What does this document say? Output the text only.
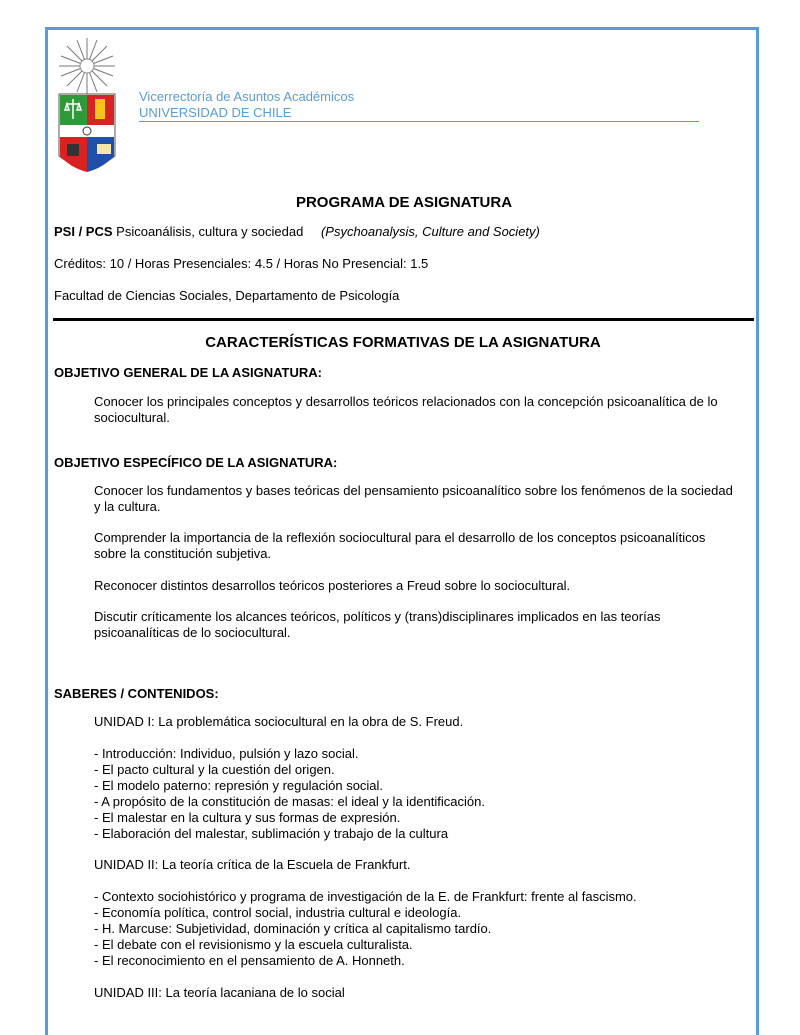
Vicerrectoría de Asuntos Académicos
UNIVERSIDAD DE CHILE
PROGRAMA DE ASIGNATURA
PSI / PCS Psicoanálisis, cultura y sociedad (Psychoanalysis, Culture and Society)
Créditos: 10 / Horas Presenciales: 4.5 / Horas No Presencial: 1.5
Facultad de Ciencias Sociales, Departamento de Psicología
CARACTERÍSTICAS FORMATIVAS DE LA ASIGNATURA
OBJETIVO GENERAL DE LA ASIGNATURA:
Conocer los principales conceptos y desarrollos teóricos relacionados con la concepción psicoanalítica de lo sociocultural.
OBJETIVO ESPECÍFICO DE LA ASIGNATURA:
Conocer los fundamentos y bases teóricas del pensamiento psicoanalítico sobre los fenómenos de la sociedad y la cultura.
Comprender la importancia de la reflexión sociocultural para el desarrollo de los conceptos psicoanalíticos sobre la constitución subjetiva.
Reconocer distintos desarrollos teóricos posteriores a Freud sobre lo sociocultural.
Discutir críticamente los alcances teóricos, políticos y (trans)disciplinares implicados en las teorías psicoanalíticas de lo sociocultural.
SABERES / CONTENIDOS:
UNIDAD I: La problemática sociocultural en la obra de S. Freud.
- Introducción: Individuo, pulsión y lazo social.
- El pacto cultural y la cuestión del origen.
- El modelo paterno: represión y regulación social.
- A propósito de la constitución de masas: el ideal y la identificación.
- El malestar en la cultura y sus formas de expresión.
- Elaboración del malestar, sublimación y trabajo de la cultura
UNIDAD II: La teoría crítica de la Escuela de Frankfurt.
- Contexto sociohistórico y programa de investigación de la E. de Frankfurt: frente al fascismo.
- Economía política, control social, industria cultural e ideología.
- H. Marcuse: Subjetividad, dominación y crítica al capitalismo tardío.
- El debate con el revisionismo y la escuela culturalista.
- El reconocimiento en el pensamiento de A. Honneth.
UNIDAD III: La teoría lacaniana de lo social
